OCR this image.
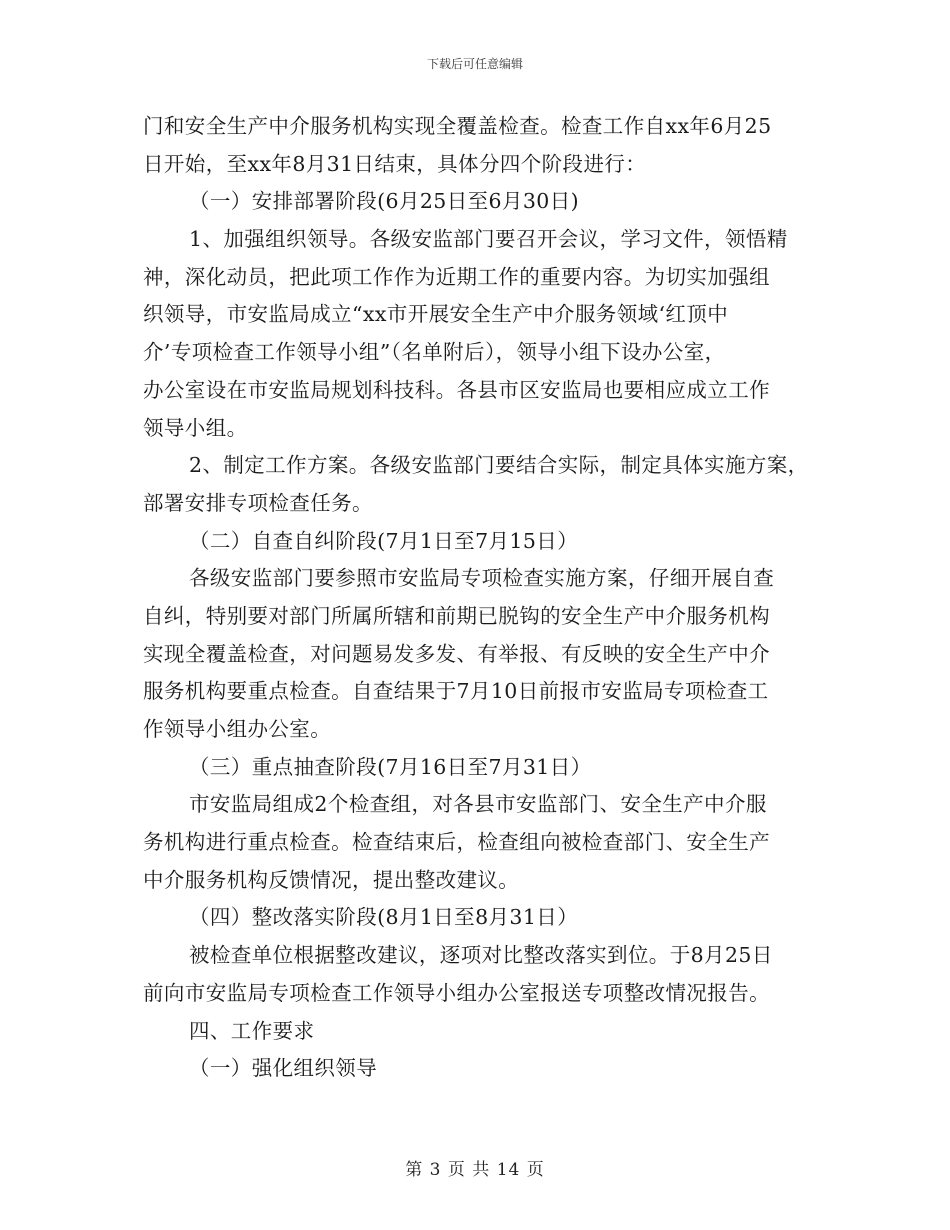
下载后可任意编辑
门和安全生产中介服务机构实现全覆盖检查。检查工作自xx年6月25
日开始，至xx年8月31日结束，具体分四个阶段进行：
（一）安排部署阶段(6月25日至6月30日)
1、加强组织领导。各级安监部门要召开会议，学习文件，领悟精
神，深化动员，把此项工作作为近期工作的重要内容。为切实加强组
织领导，市安监局成立“xx市开展安全生产中介服务领域‘红顶中
介’专项检查工作领导小组”（名单附后），领导小组下设办公室，
办公室设在市安监局规划科技科。各县市区安监局也要相应成立工作
领导小组。
2、制定工作方案。各级安监部门要结合实际，制定具体实施方案，
部署安排专项检查任务。
（二）自查自纠阶段(7月1日至7月15日）
各级安监部门要参照市安监局专项检查实施方案，仔细开展自查
自纠，特别要对部门所属所辖和前期已脱钩的安全生产中介服务机构
实现全覆盖检查，对问题易发多发、有举报、有反映的安全生产中介
服务机构要重点检查。自查结果于7月10日前报市安监局专项检查工
作领导小组办公室。
（三）重点抽查阶段(7月16日至7月31日）
市安监局组成2个检查组，对各县市安监部门、安全生产中介服
务机构进行重点检查。检查结束后，检查组向被检查部门、安全生产
中介服务机构反馈情况，提出整改建议。
（四）整改落实阶段(8月1日至8月31日）
被检查单位根据整改建议，逐项对比整改落实到位。于8月25日
前向市安监局专项检查工作领导小组办公室报送专项整改情况报告。
四、工作要求
（一）强化组织领导
第 3 页 共 14 页
